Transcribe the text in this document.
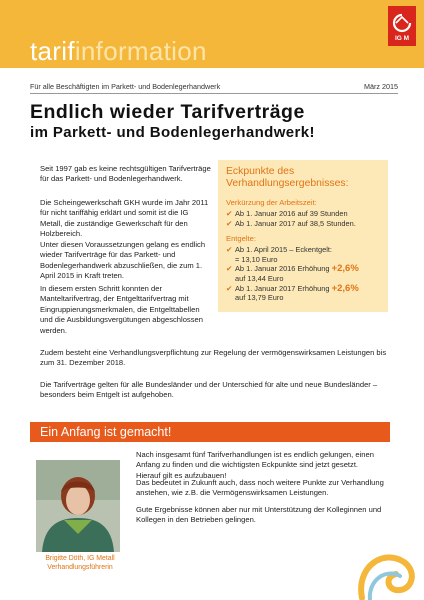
tarifinformation	IG M
Für alle Beschäftigten im Parkett- und Bodenlegerhandwerk	März 2015
Endlich wieder Tarifverträge
im Parkett- und Bodenlegerhandwerk!

Seit 1997 gab es keine rechtsgültigen Tarifverträge für das Parkett- und Bodenlegerhandwerk.

Die Scheingewerkschaft GKH wurde im Jahr 2011 für nicht tariffähig erklärt und somit ist die IG Metall, die zuständige Gewerkschaft für den Holzbereich.

Unter diesen Voraussetzungen gelang es endlich wieder Tarifverträge für das Parkett- und Bodenlegerhandwerk abzuschließen, die zum 1. April 2015 in Kraft treten.

In diesem ersten Schritt konnten der Manteltarifvertrag, der Entgelttarifvertrag mit Eingruppierungsmerkmalen, die Entgelttabellen und die Ausbildungsvergütungen abgeschlossen werden.

Zudem besteht eine Verhandlungsverpflichtung zur Regelung der vermögenswirksamen Leistungen bis zum 31. Dezember 2018.

Die Tarifverträge gelten für alle Bundesländer und der Unterschied für alte und neue Bundesländer – besonders beim Entgelt ist aufgehoben.

Eckpunkte des Verhandlungsergebnisses:

Verkürzung der Arbeitszeit:

✔ Ab 1. Januar 2016 auf 39 Stunden
✔ Ab 1. Januar 2017 auf 38,5 Stunden.

Entgelte:

✔ Ab 1. April 2015 – Eckentgelt:
= 13,10 Euro
✔ Ab 1. Januar 2016 Erhöhung +2,6%
auf 13,44 Euro
✔ Ab 1. Januar 2017 Erhöhung +2,6%
auf 13,79 Euro
Ein Anfang ist gemacht!
Brigitte Döth, IG Metall Verhandlungsführerin

Nach insgesamt fünf Tarifverhandlungen ist es endlich gelungen, einen Anfang zu finden und die wichtigsten Eckpunkte sind jetzt gesetzt. Hierauf gilt es aufzubauen!

Das bedeutet in Zukunft auch, dass noch weitere Punkte zur Verhandlung anstehen, wie z.B. die Vermögenswirksamen Leistungen.

Gute Ergebnisse können aber nur mit Unterstützung der Kolleginnen und Kollegen in den Betrieben gelingen.
